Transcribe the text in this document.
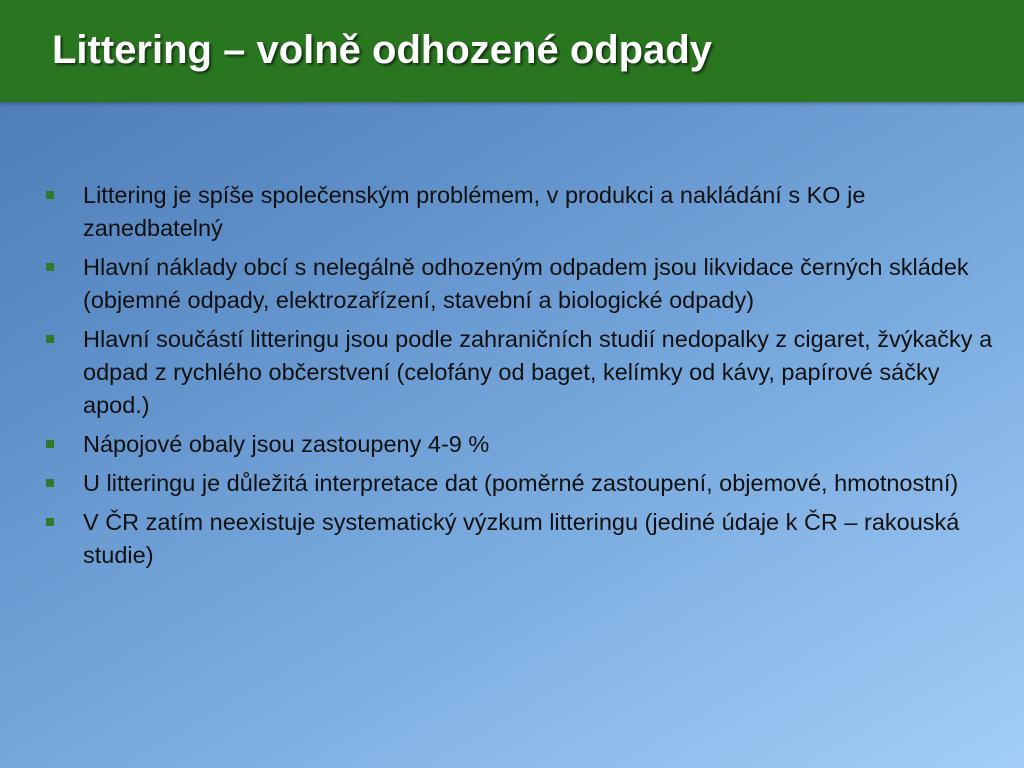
Littering – volně odhozené odpady
Littering je spíše společenským problémem, v produkci a nakládání s KO je zanedbatelný
Hlavní náklady obcí s nelegálně odhozeným odpadem jsou likvidace černých skládek (objemné odpady, elektrozařízení, stavební a biologické odpady)
Hlavní součástí litteringu jsou podle zahraničních studií nedopalky z cigaret, žvýkačky a odpad z rychlého občerstvení (celofány od baget, kelímky od kávy, papírové sáčky apod.)
Nápojové obaly jsou zastoupeny 4-9 %
U litteringu je důležitá interpretace dat (poměrné zastoupení, objemové, hmotnostní)
V ČR zatím neexistuje systematický výzkum litteringu (jediné údaje k ČR – rakouská studie)
